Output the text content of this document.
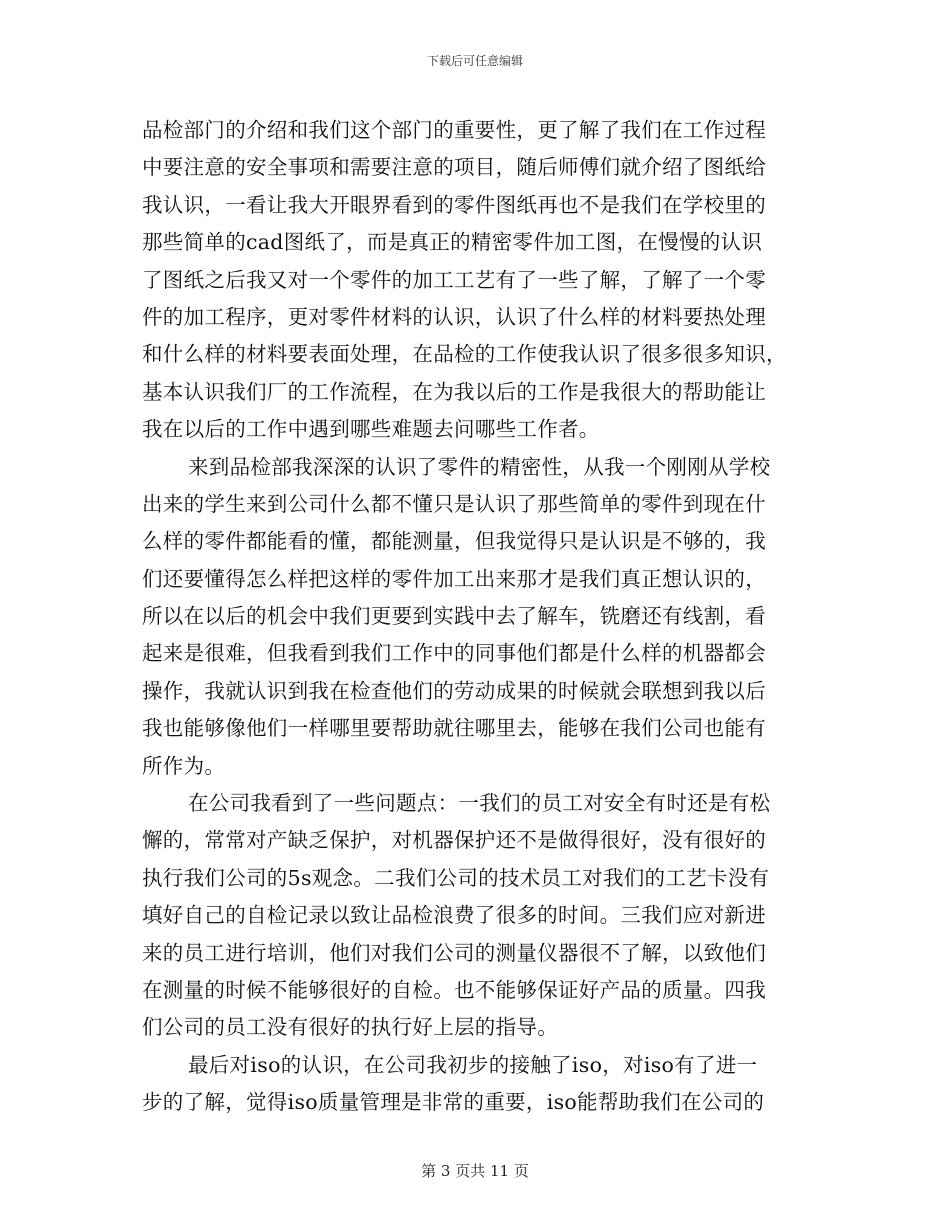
下载后可任意编辑
品检部门的介绍和我们这个部门的重要性，更了解了我们在工作过程
中要注意的安全事项和需要注意的项目，随后师傅们就介绍了图纸给
我认识，一看让我大开眼界看到的零件图纸再也不是我们在学校里的
那些简单的cad图纸了，而是真正的精密零件加工图，在慢慢的认识
了图纸之后我又对一个零件的加工工艺有了一些了解，了解了一个零
件的加工程序，更对零件材料的认识，认识了什么样的材料要热处理
和什么样的材料要表面处理，在品检的工作使我认识了很多很多知识，
基本认识我们厂的工作流程，在为我以后的工作是我很大的帮助能让
我在以后的工作中遇到哪些难题去问哪些工作者。
来到品检部我深深的认识了零件的精密性，从我一个刚刚从学校
出来的学生来到公司什么都不懂只是认识了那些简单的零件到现在什
么样的零件都能看的懂，都能测量，但我觉得只是认识是不够的，我
们还要懂得怎么样把这样的零件加工出来那才是我们真正想认识的，
所以在以后的机会中我们更要到实践中去了解车，铣磨还有线割，看
起来是很难，但我看到我们工作中的同事他们都是什么样的机器都会
操作，我就认识到我在检查他们的劳动成果的时候就会联想到我以后
我也能够像他们一样哪里要帮助就往哪里去，能够在我们公司也能有
所作为。
在公司我看到了一些问题点：一我们的员工对安全有时还是有松
懈的，常常对产缺乏保护，对机器保护还不是做得很好，没有很好的
执行我们公司的5s观念。二我们公司的技术员工对我们的工艺卡没有
填好自己的自检记录以致让品检浪费了很多的时间。三我们应对新进
来的员工进行培训，他们对我们公司的测量仪器很不了解，以致他们
在测量的时候不能够很好的自检。也不能够保证好产品的质量。四我
们公司的员工没有很好的执行好上层的指导。
最后对iso的认识，在公司我初步的接触了iso，对iso有了进一
步的了解，觉得iso质量管理是非常的重要，iso能帮助我们在公司的
第 3 页共 11 页
